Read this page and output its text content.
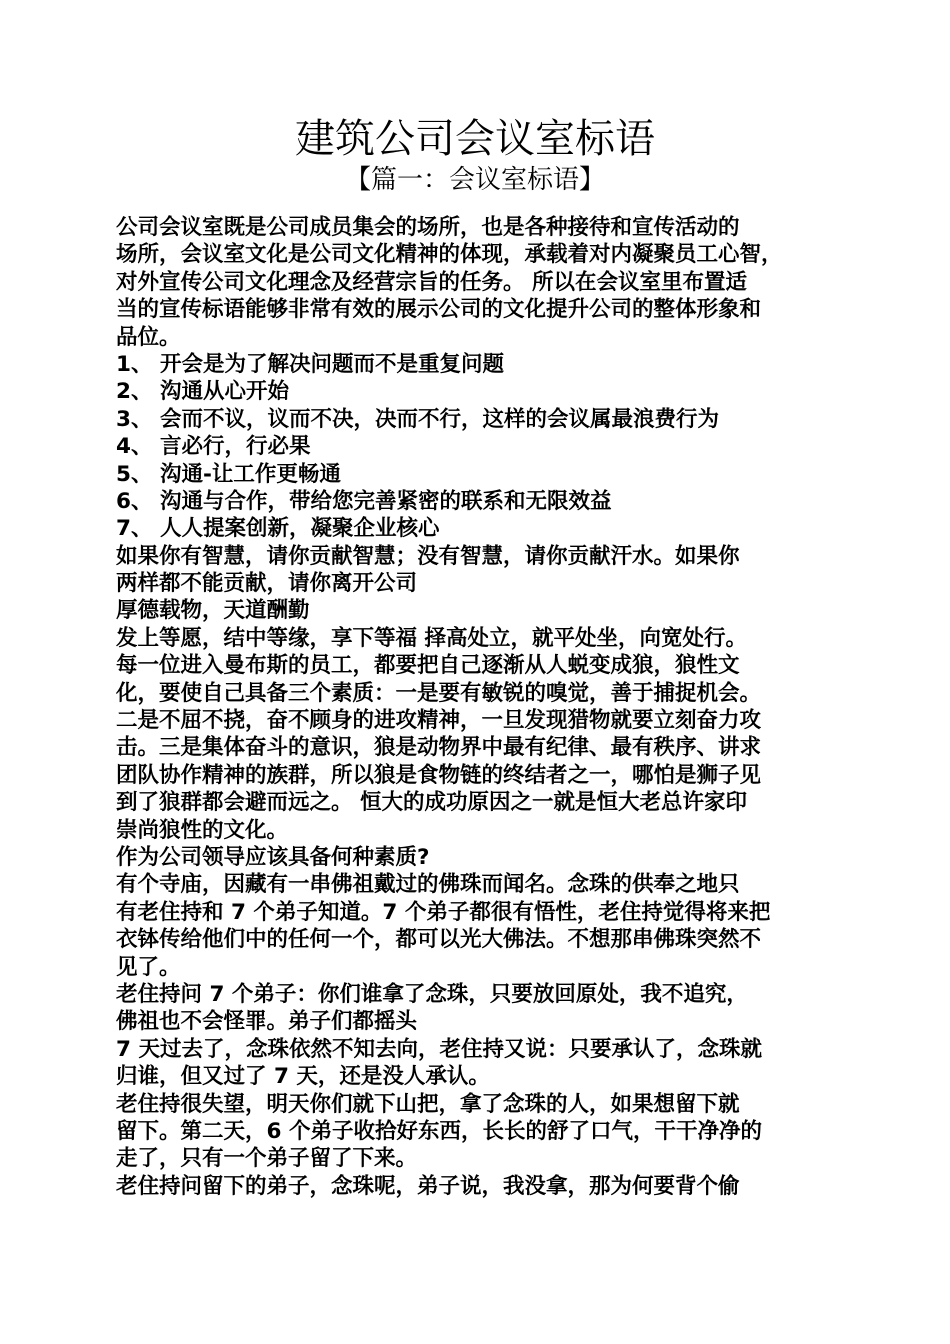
建筑公司会议室标语
【篇一：会议室标语】
公司会议室既是公司成员集会的场所，也是各种接待和宣传活动的
场所，会议室文化是公司文化精神的体现，承载着对内凝聚员工心智，
对外宣传公司文化理念及经营宗旨的任务。 所以在会议室里布置适
当的宣传标语能够非常有效的展示公司的文化提升公司的整体形象和
品位。
1、 开会是为了解决问题而不是重复问题
2、 沟通从心开始
3、 会而不议，议而不决，决而不行，这样的会议属最浪费行为
4、 言必行，行必果
5、 沟通-让工作更畅通
6、 沟通与合作，带给您完善紧密的联系和无限效益
7、 人人提案创新，凝聚企业核心
如果你有智慧，请你贡献智慧；没有智慧，请你贡献汗水。如果你
两样都不能贡献，请你离开公司
厚德载物，天道酬勤
发上等愿，结中等缘，享下等福 择高处立，就平处坐，向宽处行。
每一位进入曼布斯的员工，都要把自己逐渐从人蜕变成狼，狼性文
化，要使自己具备三个素质：一是要有敏锐的嗅觉，善于捕捉机会。
二是不屈不挠，奋不顾身的进攻精神，一旦发现猎物就要立刻奋力攻
击。三是集体奋斗的意识，狼是动物界中最有纪律、最有秩序、讲求
团队协作精神的族群，所以狼是食物链的终结者之一，哪怕是狮子见
到了狼群都会避而远之。 恒大的成功原因之一就是恒大老总许家印
崇尚狼性的文化。
作为公司领导应该具备何种素质?
有个寺庙，因藏有一串佛祖戴过的佛珠而闻名。念珠的供奉之地只
有老住持和 7 个弟子知道。7 个弟子都很有悟性，老住持觉得将来把
衣钵传给他们中的任何一个，都可以光大佛法。不想那串佛珠突然不
见了。
老住持问 7 个弟子：你们谁拿了念珠，只要放回原处，我不追究，
佛祖也不会怪罪。弟子们都摇头
7 天过去了，念珠依然不知去向，老住持又说：只要承认了，念珠就
归谁，但又过了 7 天，还是没人承认。
老住持很失望，明天你们就下山把，拿了念珠的人，如果想留下就
留下。第二天，6 个弟子收拾好东西，长长的舒了口气，干干净净的
走了，只有一个弟子留了下来。
老住持问留下的弟子，念珠呢，弟子说，我没拿，那为何要背个偷
